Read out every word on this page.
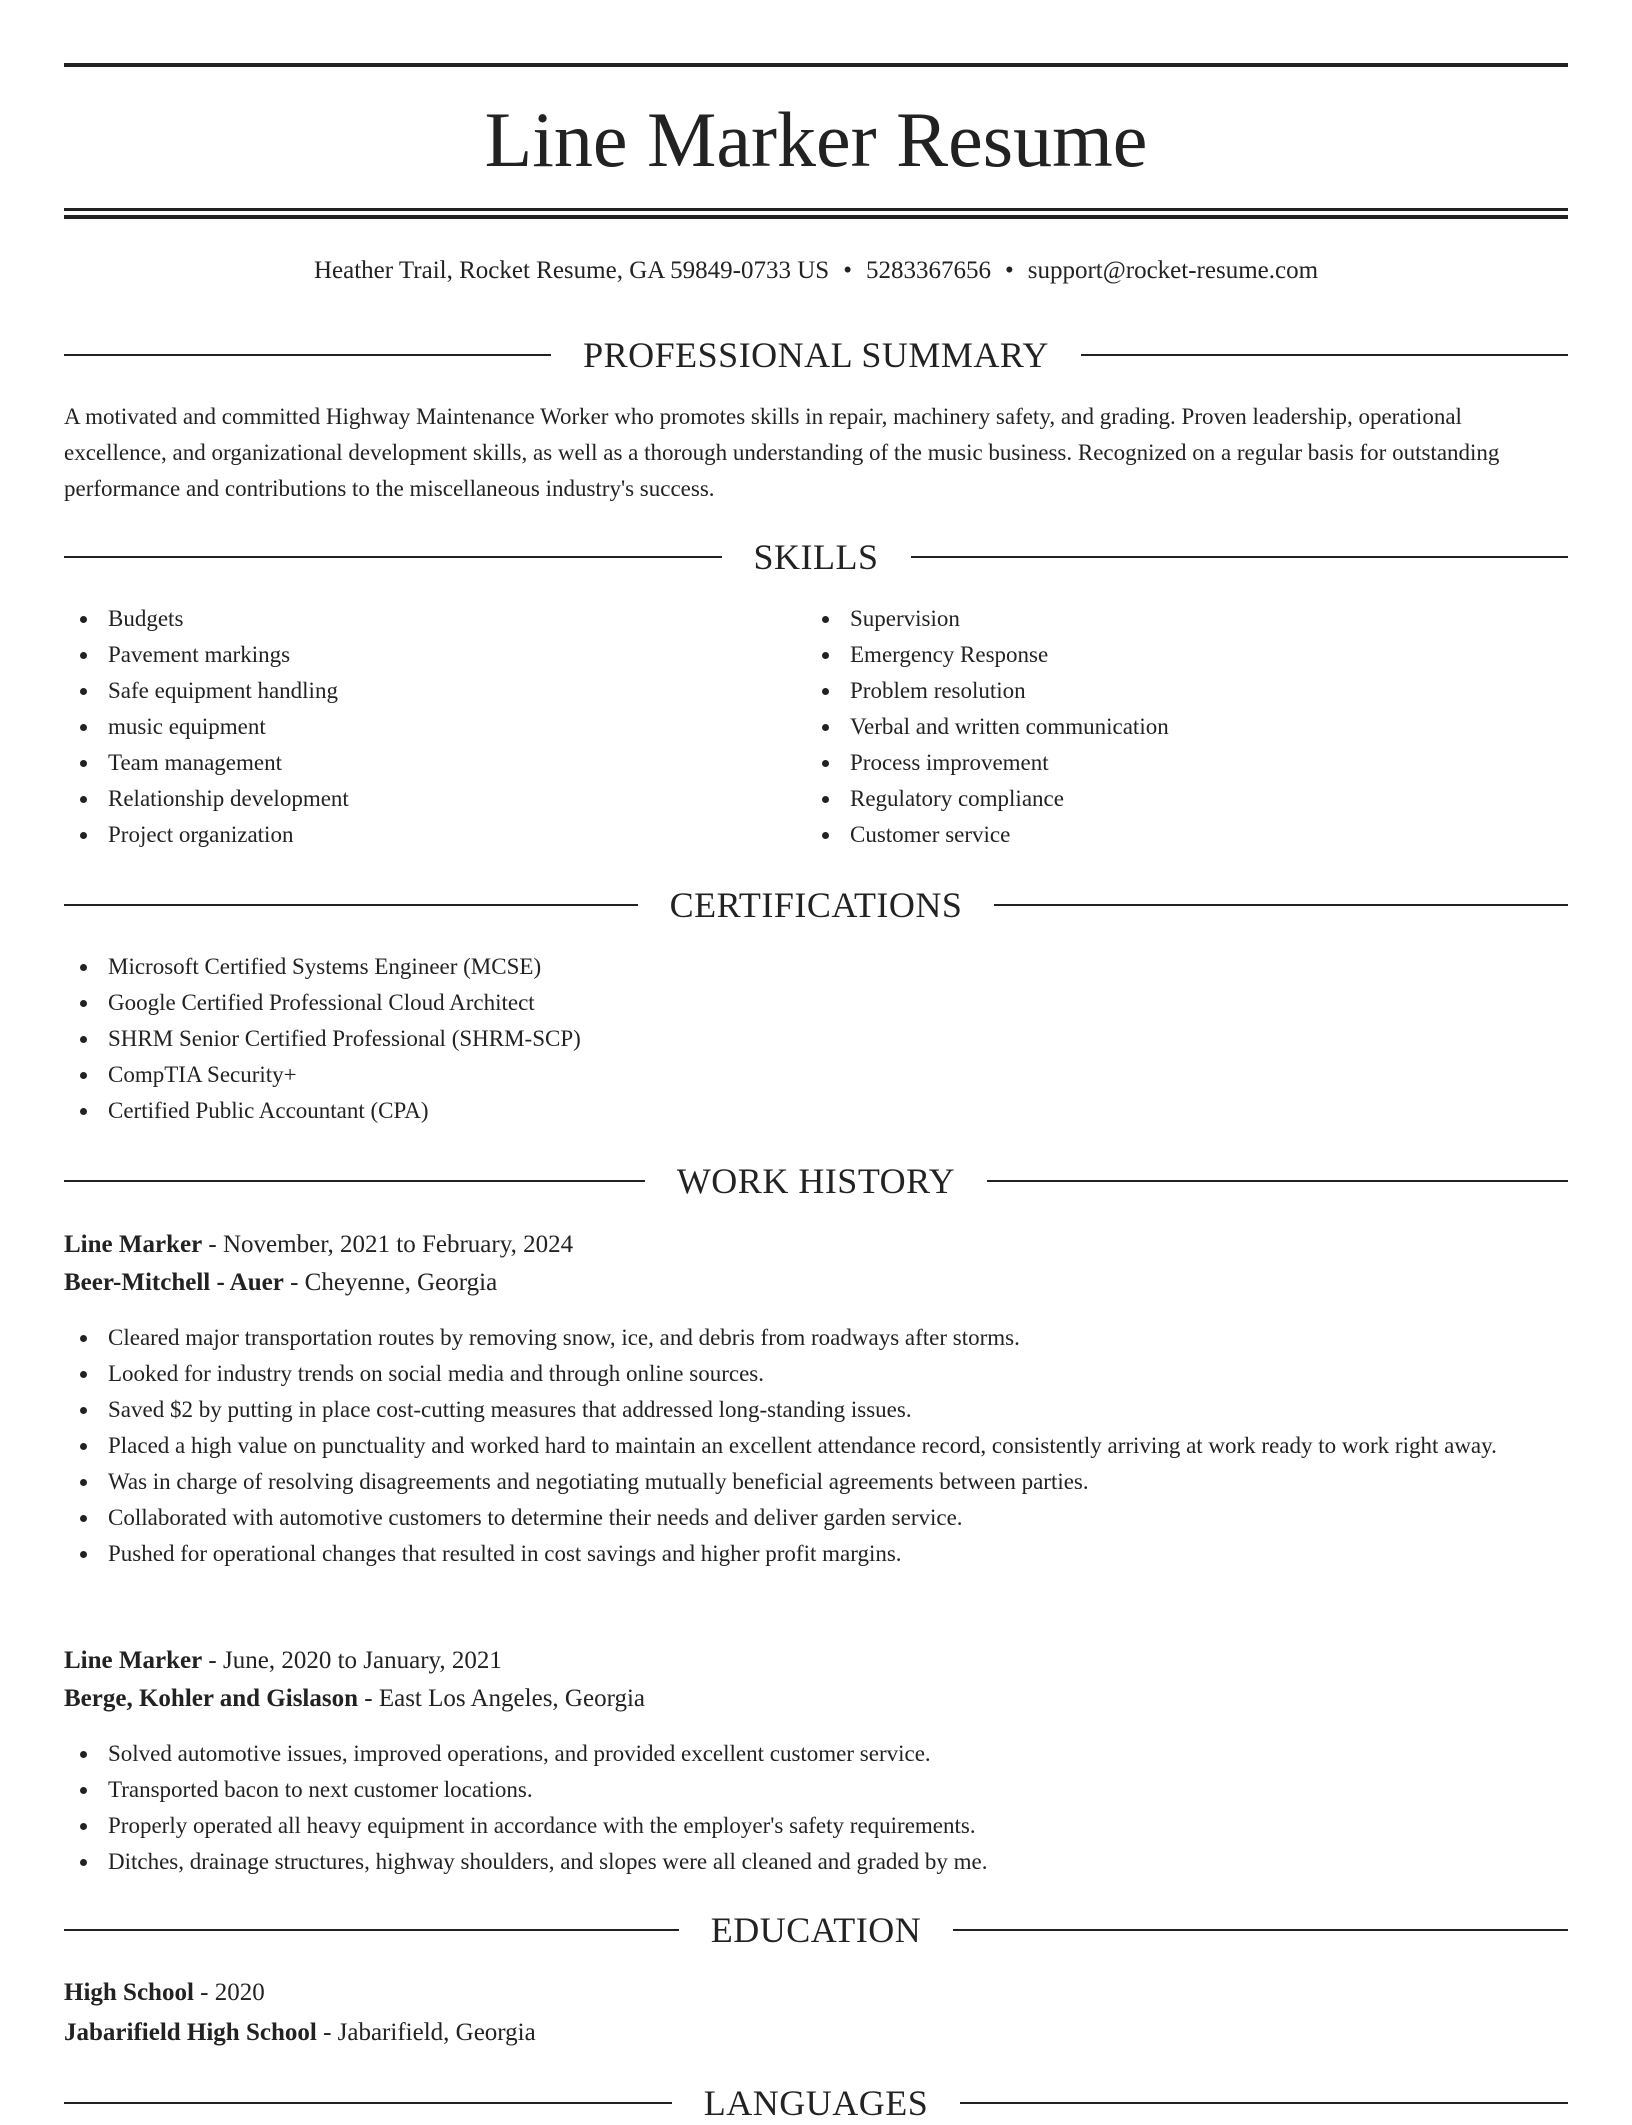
Line Marker Resume
Heather Trail, Rocket Resume, GA 59849-0733 US • 5283367656 • support@rocket-resume.com
PROFESSIONAL SUMMARY

A motivated and committed Highway Maintenance Worker who promotes skills in repair, machinery safety, and grading. Proven leadership, operational excellence, and organizational development skills, as well as a thorough understanding of the music business. Recognized on a regular basis for outstanding performance and contributions to the miscellaneous industry's success.

SKILLS
Budgets
Pavement markings
Safe equipment handling
music equipment
Team management
Relationship development
Project organization
Supervision
Emergency Response
Problem resolution
Verbal and written communication
Process improvement
Regulatory compliance
Customer service
CERTIFICATIONS
Microsoft Certified Systems Engineer (MCSE)
Google Certified Professional Cloud Architect
SHRM Senior Certified Professional (SHRM-SCP)
CompTIA Security+
Certified Public Accountant (CPA)
WORK HISTORY
Line Marker - November, 2021 to February, 2024
Beer-Mitchell - Auer - Cheyenne, Georgia
Cleared major transportation routes by removing snow, ice, and debris from roadways after storms.
Looked for industry trends on social media and through online sources.
Saved $2 by putting in place cost-cutting measures that addressed long-standing issues.
Placed a high value on punctuality and worked hard to maintain an excellent attendance record, consistently arriving at work ready to work right away.
Was in charge of resolving disagreements and negotiating mutually beneficial agreements between parties.
Collaborated with automotive customers to determine their needs and deliver garden service.
Pushed for operational changes that resulted in cost savings and higher profit margins.
Line Marker - June, 2020 to January, 2021
Berge, Kohler and Gislason - East Los Angeles, Georgia
Solved automotive issues, improved operations, and provided excellent customer service.
Transported bacon to next customer locations.
Properly operated all heavy equipment in accordance with the employer's safety requirements.
Ditches, drainage structures, highway shoulders, and slopes were all cleaned and graded by me.
EDUCATION
High School - 2020
Jabarifield High School - Jabarifield, Georgia
LANGUAGES
